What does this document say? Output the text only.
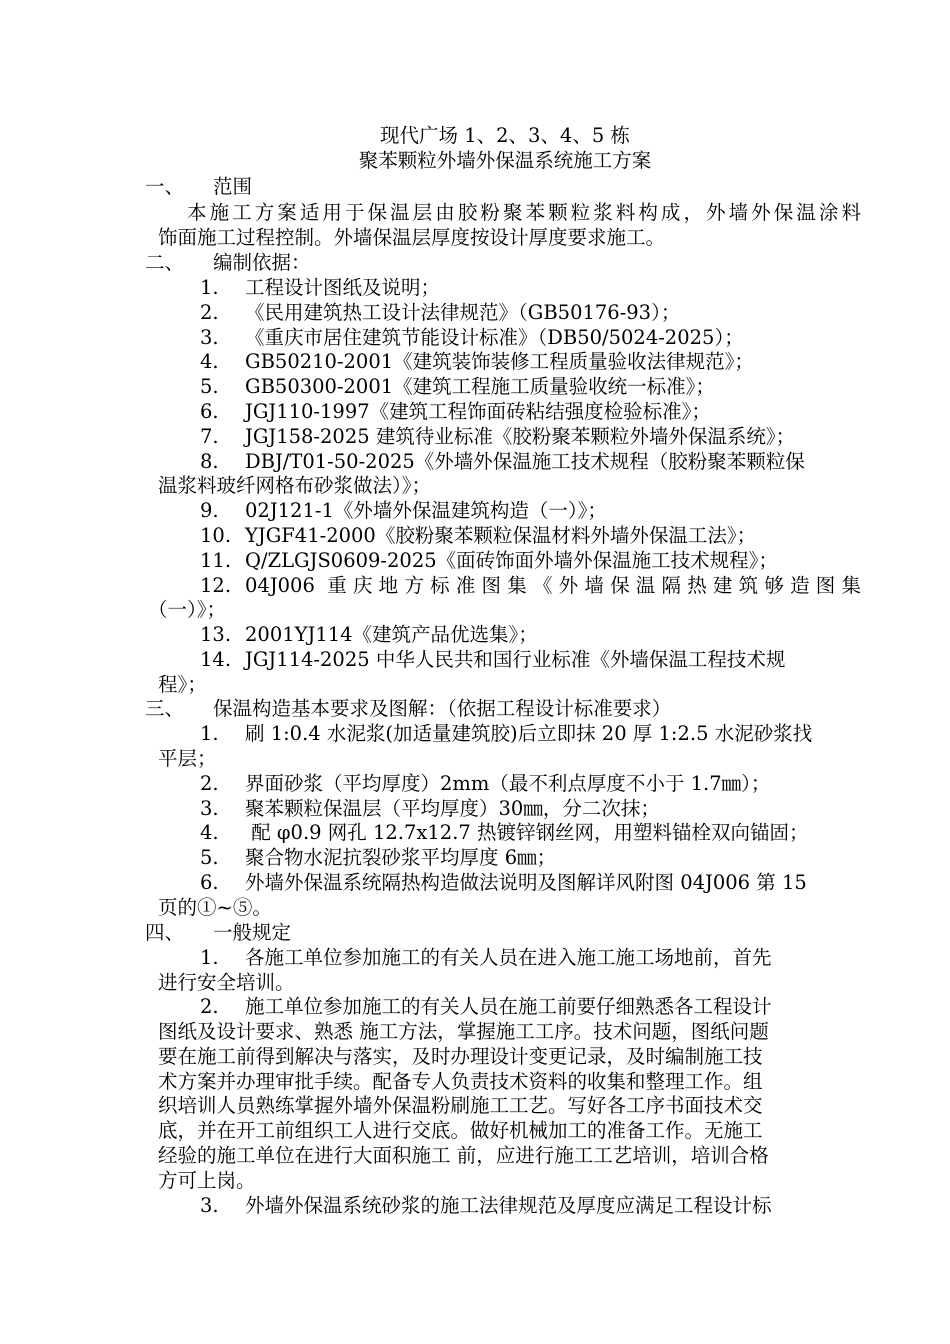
现代广场 1、2、3、4、5 栋
聚苯颗粒外墙外保温系统施工方案
一、 范围
本施工方案适用于保温层由胶粉聚苯颗粒浆料构成，外墙外保温涂料
饰面施工过程控制。外墙保温层厚度按设计厚度要求施工。
二、 编制依据：
1. 工程设计图纸及说明；
2. 《民用建筑热工设计法律规范》（GB50176-93）；
3. 《重庆市居住建筑节能设计标准》（DB50/5024-2025）；
4. GB50210-2001《建筑装饰装修工程质量验收法律规范》；
5. GB50300-2001《建筑工程施工质量验收统一标准》；
6. JGJ110-1997《建筑工程饰面砖粘结强度检验标准》；
7. JGJ158-2025 建筑待业标准《胶粉聚苯颗粒外墙外保温系统》；
8. DBJ/T01-50-2025《外墙外保温施工技术规程（胶粉聚苯颗粒保
温浆料玻纤网格布砂浆做法）》；
9. 02J121-1《外墙外保温建筑构造（一）》；
10. YJGF41-2000《胶粉聚苯颗粒保温材料外墙外保温工法》；
11. Q/ZLGJS0609-2025《面砖饰面外墙外保温施工技术规程》；
12. 04J006 重庆地方标准图集《外墙保温隔热建筑够造图集
（一）》；
13. 2001YJ114《建筑产品优选集》；
14. JGJ114-2025 中华人民共和国行业标准《外墙保温工程技术规
程》；
三、 保温构造基本要求及图解：（依据工程设计标准要求）
1. 刷 1:0.4 水泥浆(加适量建筑胶)后立即抹 20 厚 1:2.5 水泥砂浆找
平层；
2. 界面砂浆（平均厚度）2mm（最不利点厚度不小于 1.7㎜）；
3. 聚苯颗粒保温层（平均厚度）30㎜，分二次抹；
4. 配 φ0.9 网孔 12.7x12.7 热镀锌钢丝网，用塑料锚栓双向锚固；
5. 聚合物水泥抗裂砂浆平均厚度 6㎜；
6. 外墙外保温系统隔热构造做法说明及图解详风附图 04J006 第 15
页的①~⑤。
四、 一般规定
1. 各施工单位参加施工的有关人员在进入施工施工场地前，首先
进行安全培训。
2. 施工单位参加施工的有关人员在施工前要仔细熟悉各工程设计
图纸及设计要求、熟悉 施工方法，掌握施工工序。技术问题，图纸问题
要在施工前得到解决与落实，及时办理设计变更记录，及时编制施工技
术方案并办理审批手续。配备专人负责技术资料的收集和整理工作。组
织培训人员熟练掌握外墙外保温粉刷施工工艺。写好各工序书面技术交
底，并在开工前组织工人进行交底。做好机械加工的准备工作。无施工
经验的施工单位在进行大面积施工 前，应进行施工工艺培训，培训合格
方可上岗。
3. 外墙外保温系统砂浆的施工法律规范及厚度应满足工程设计标
